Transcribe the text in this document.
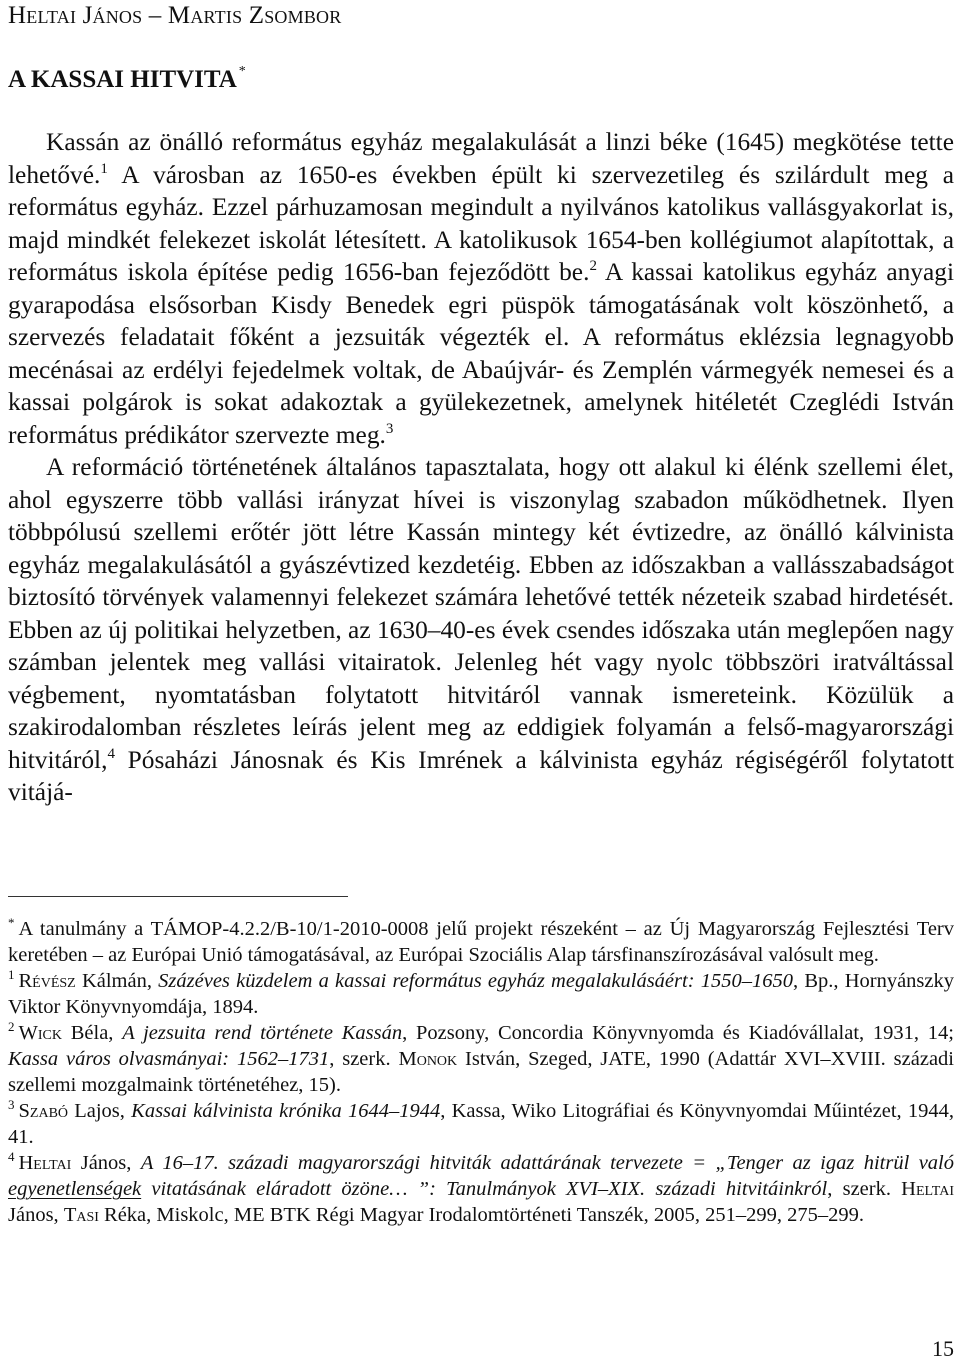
Heltai János – Martis Zsombor
A KASSAI HITVITA *

Kassán az önálló református egyház megalakulását a linzi béke (1645) megkötése tette lehetővé.$^1$ A városban az 1650-es években épült ki szervezetileg és szilárdult meg a református egyház. Ezzel párhuzamosan megindult a nyilvános katolikus vallásgyakorlat is, majd mindkét felekezet iskolát létesített. A katolikusok 1654-ben kollégiumot alapítottak, a református iskola építése pedig 1656-ban fejeződött be.$^2$ A kassai katolikus egyház anyagi gyarapodása elsősorban Kisdy Benedek egri püspök támogatásának volt köszönhető, a szervezés feladatait főként a jezsuiták végezték el. A református eklézsia legnagyobb mecénásai az erdélyi fejedelmek voltak, de Abaújvár- és Zemplén vármegyék nemesei és a kassai polgárok is sokat adakoztak a gyülekezetnek, amelynek hitéletét Czeglédi István református prédikátor szervezte meg.$^3$

A reformáció történetének általános tapasztalata, hogy ott alakul ki élénk szellemi élet, ahol egyszerre több vallási irányzat hívei is viszonylag szabadon működhetnek. Ilyen többpólusú szellemi erőtér jött létre Kassán mintegy két évtizedre, az önálló kálvinista egyház megalakulásától a gyászévtized kezdetéig. Ebben az időszakban a vallásszabadságot biztosító törvények valamennyi felekezet számára lehetővé tették nézeteik szabad hirdetését. Ebben az új politikai helyzetben, az 1630–40-es évek csendes időszaka után meglepően nagy számban jelentek meg vallási vitairatok. Jelenleg hét vagy nyolc többszöri iratváltással végbement, nyomtatásban folytatott hitvitáról vannak ismereteink. Közülük a szakirodalomban részletes leírás jelent meg az eddigiek folyamán a felső-magyarországi hitvitáról,$^4$ Pósaházi Jánosnak és Kis Imrének a kálvinista egyház régiségéről folytatott vitájá-

* A tanulmány a TÁMOP-4.2.2/B-10/1-2010-0008 jelű projekt részeként – az Új Magyarország Fejlesztési Terv keretében – az Európai Unió támogatásával, az Európai Szociális Alap társfinanszírozásával valósult meg.

$^1$ Révész Kálmán, Százéves küzdelem a kassai református egyház megalakulásáért: 1550–1650, Bp., Hornyánszky Viktor Könyvnyomdája, 1894.

$^2$ Wick Béla, A jezsuita rend története Kassán, Pozsony, Concordia Könyvnyomda és Kiadóvállalat, 1931, 14; Kassa város olvasmányai: 1562–1731, szerk. Monok István, Szeged, JATE, 1990 (Adattár XVI–XVIII. századi szellemi mozgalmaink történetéhez, 15).

$^3$ Szabó Lajos, Kassai kálvinista krónika 1644–1944, Kassa, Wiko Litográfiai és Könyvnyomdai Műintézet, 1944, 41.

$^4$ Heltai János, A 16–17. századi magyarországi hitviták adattárának tervezete = „Tenger az igaz hitrül való egyenetlenségek vitatásának eláradott özöne… ”: Tanulmányok XVI–XIX. századi hitvitáinkról, szerk. Heltai János, Tasi Réka, Miskolc, ME BTK Régi Magyar Irodalomtörténeti Tanszék, 2005, 251–299, 275–299.

15
